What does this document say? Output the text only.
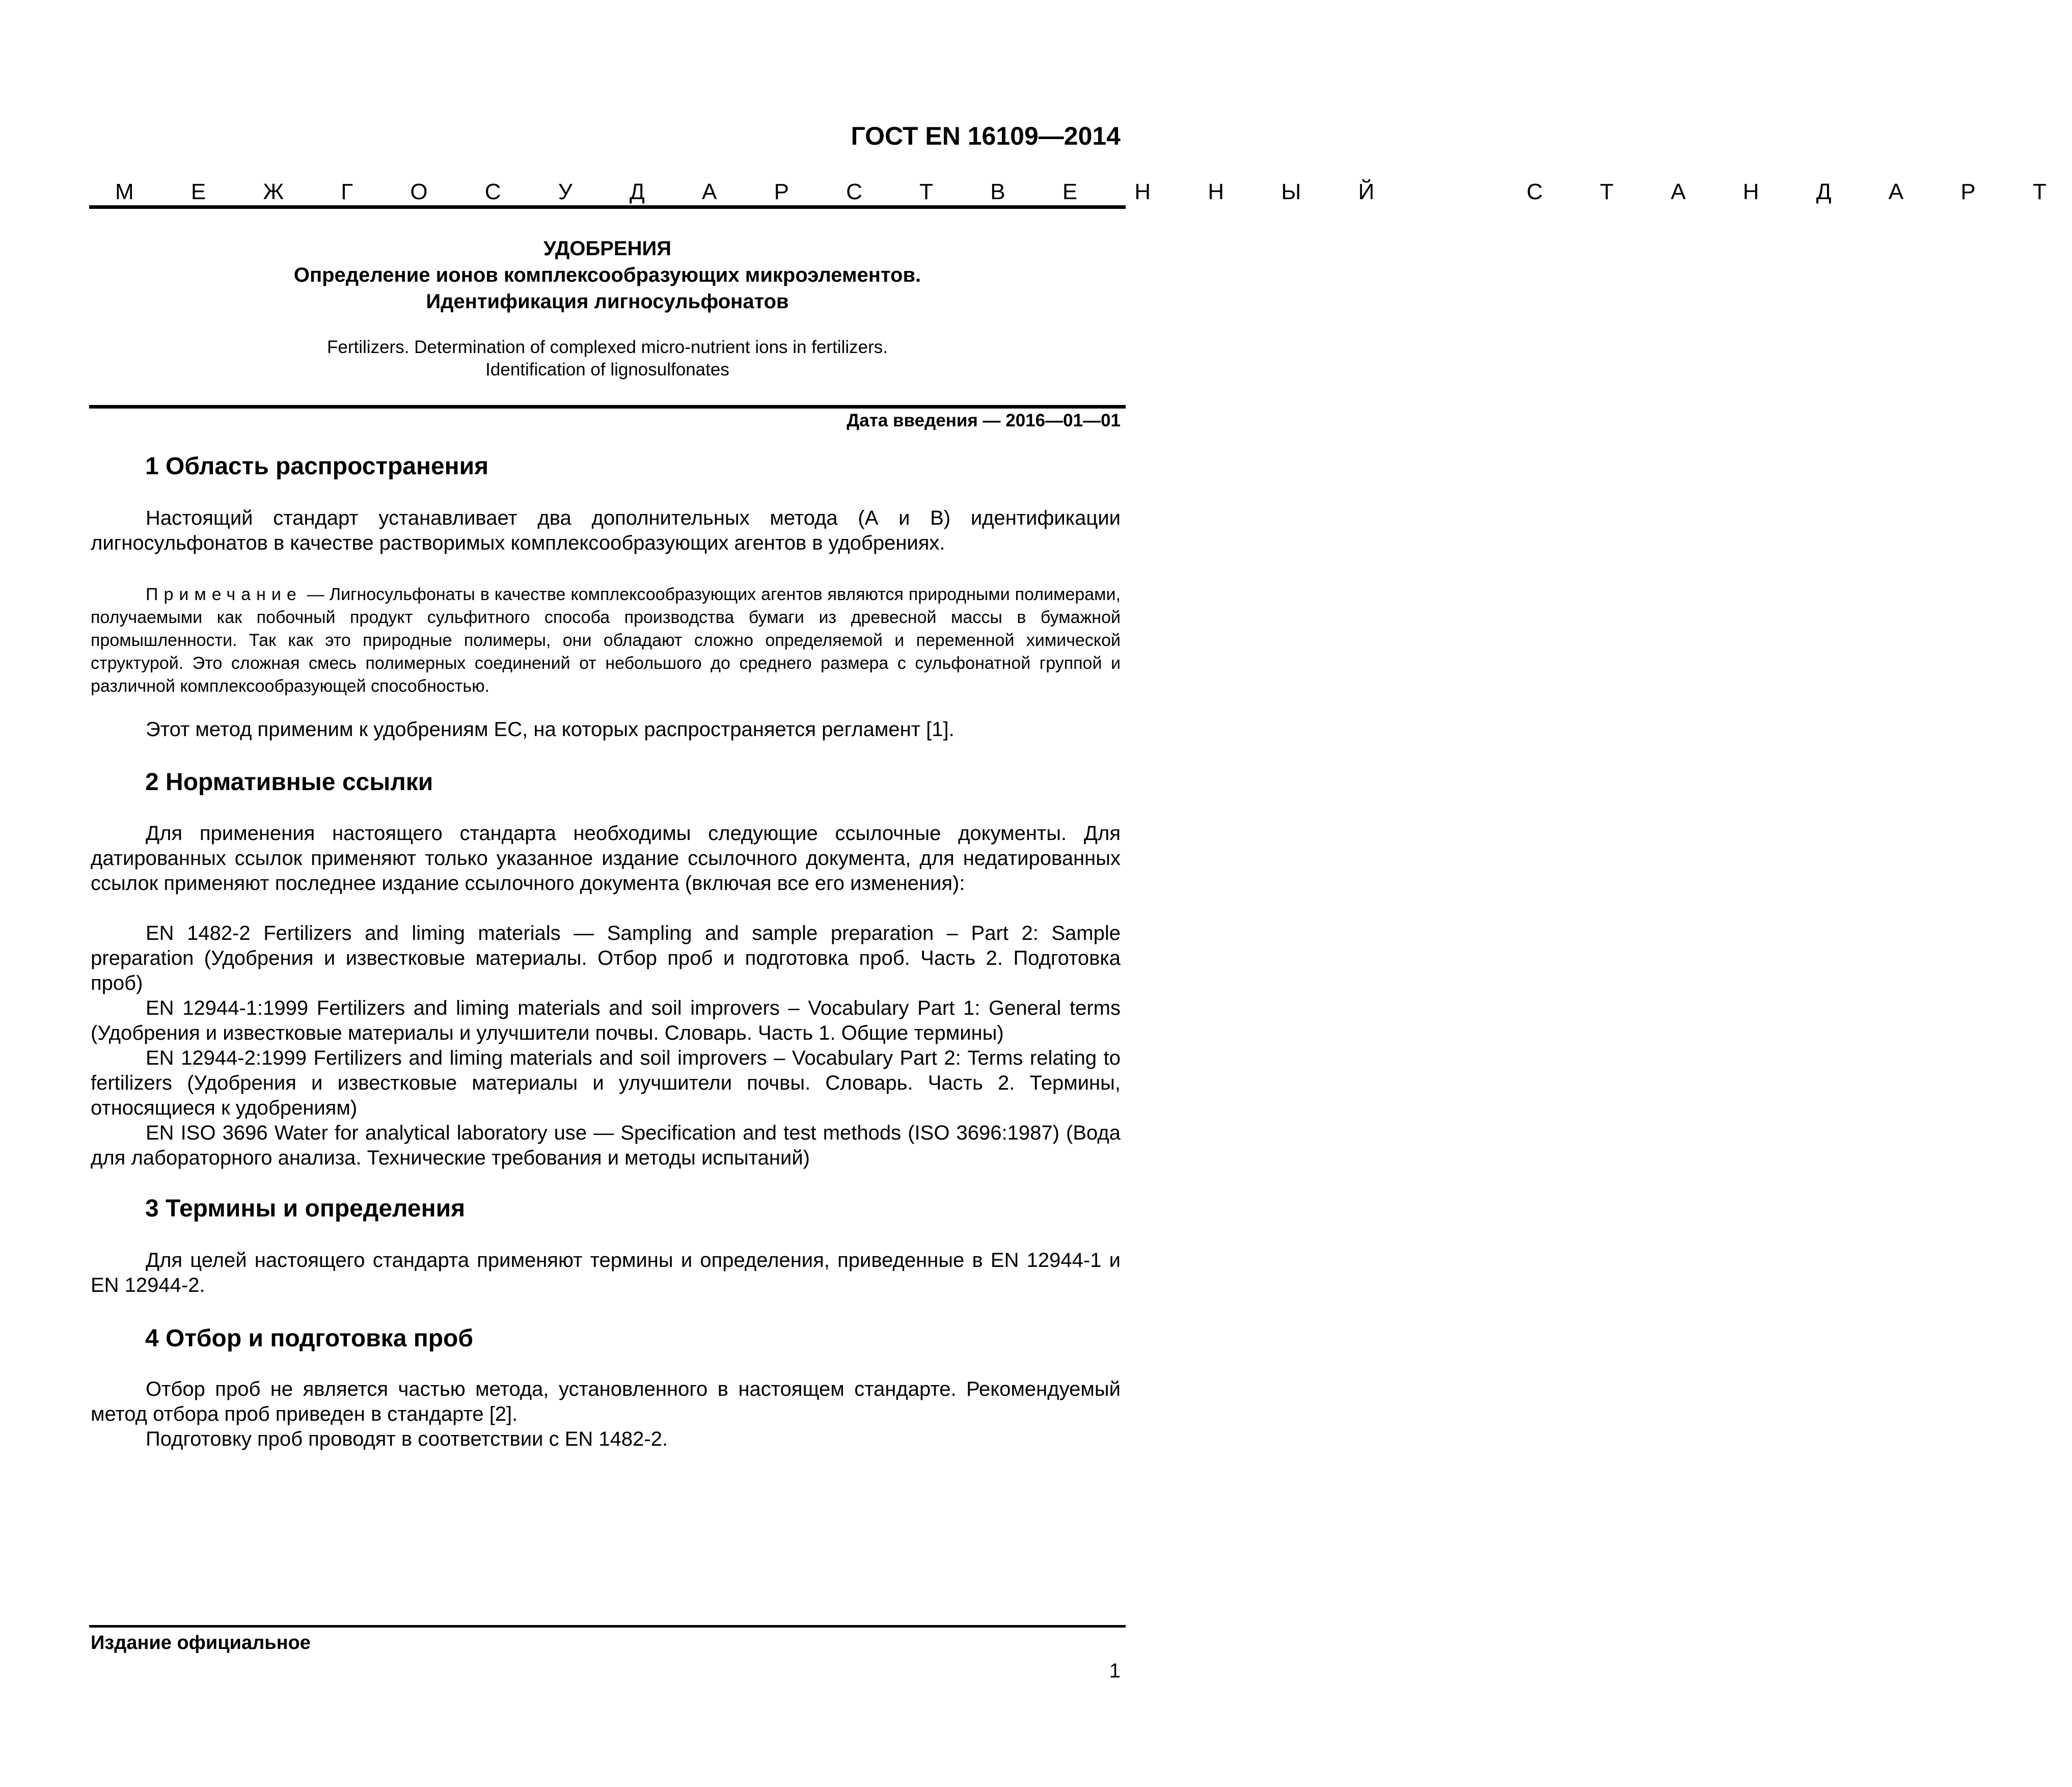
ГОСТ EN 16109—2014
М Е Ж Г О С У Д А Р С Т В Е Н Н Ы Й    С Т А Н Д А Р Т
УДОБРЕНИЯ
Определение ионов комплексообразующих микроэлементов.
Идентификация лигносульфонатов
Fertilizers. Determination of complexed micro-nutrient ions in fertilizers.
Identification of lignosulfonates
Дата введения — 2016—01—01
1 Область распространения
Настоящий стандарт устанавливает два дополнительных метода (А и В) идентификации лигносульфонатов в качестве растворимых комплексообразующих агентов в удобрениях.
Примечание — Лигносульфонаты в качестве комплексообразующих агентов являются природными полимерами, получаемыми как побочный продукт сульфитного способа производства бумаги из древесной массы в бумажной промышленности. Так как это природные полимеры, они обладают сложно определяемой и переменной химической структурой. Это сложная смесь полимерных соединений от небольшого до среднего размера с сульфонатной группой и различной комплексообразующей способностью.
Этот метод применим к удобрениям ЕС, на которых распространяется регламент [1].
2 Нормативные ссылки
Для применения настоящего стандарта необходимы следующие ссылочные документы. Для датированных ссылок применяют только указанное издание ссылочного документа, для недатированных ссылок применяют последнее издание ссылочного документа (включая все его изменения):
EN 1482-2 Fertilizers and liming materials — Sampling and sample preparation – Part 2: Sample preparation (Удобрения и известковые материалы. Отбор проб и подготовка проб. Часть 2. Подготовка проб)
EN 12944-1:1999 Fertilizers and liming materials and soil improvers – Vocabulary Part 1: General terms (Удобрения и известковые материалы и улучшители почвы. Словарь. Часть 1. Общие термины)
EN 12944-2:1999 Fertilizers and liming materials and soil improvers – Vocabulary Part 2: Terms relating to fertilizers (Удобрения и известковые материалы и улучшители почвы. Словарь. Часть 2. Термины, относящиеся к удобрениям)
EN ISO 3696 Water for analytical laboratory use — Specification and test methods (ISO 3696:1987) (Вода для лабораторного анализа. Технические требования и методы испытаний)
3 Термины и определения
Для целей настоящего стандарта применяют термины и определения, приведенные в EN 12944-1 и EN 12944-2.
4 Отбор и подготовка проб
Отбор проб не является частью метода, установленного в настоящем стандарте. Рекомендуемый метод отбора проб приведен в стандарте [2].
Подготовку проб проводят в соответствии с EN 1482-2.
Издание официальное
1
